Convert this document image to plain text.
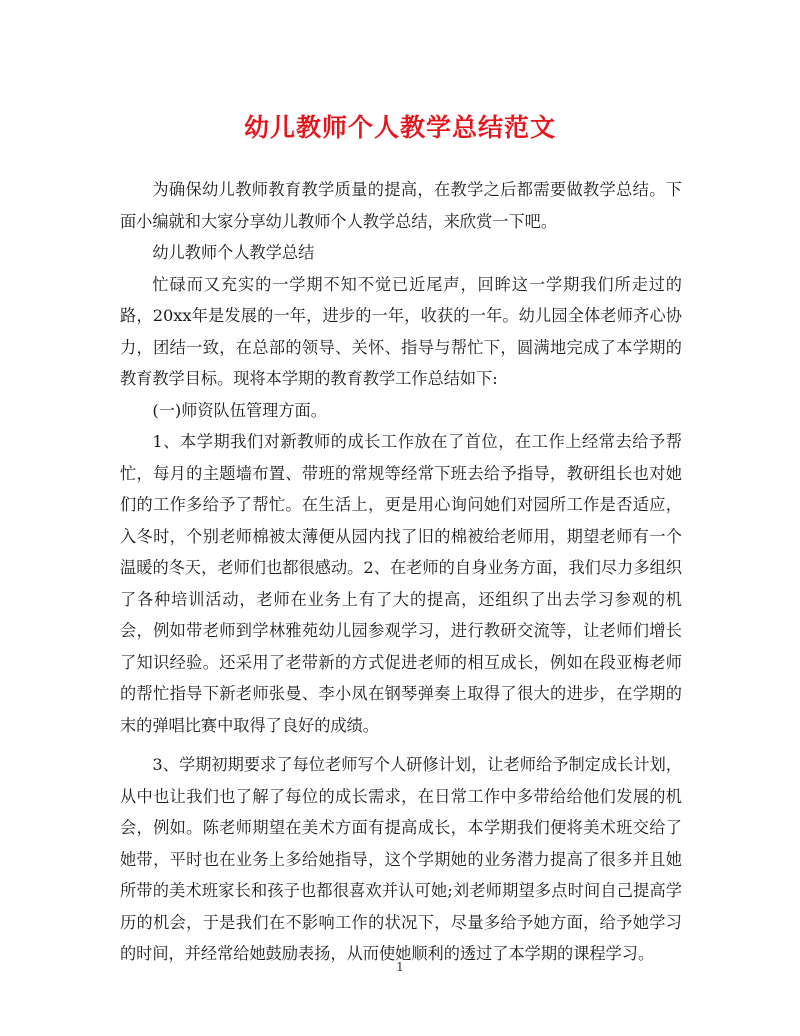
幼儿教师个人教学总结范文

为确保幼儿教师教育教学质量的提高，在教学之后都需要做教学总结。下面小编就和大家分享幼儿教师个人教学总结，来欣赏一下吧。

幼儿教师个人教学总结

忙碌而又充实的一学期不知不觉已近尾声，回眸这一学期我们所走过的路，20xx年是发展的一年，进步的一年，收获的一年。幼儿园全体老师齐心协力，团结一致，在总部的领导、关怀、指导与帮忙下，圆满地完成了本学期的教育教学目标。现将本学期的教育教学工作总结如下:

(一)师资队伍管理方面。

1、本学期我们对新教师的成长工作放在了首位，在工作上经常去给予帮忙，每月的主题墙布置、带班的常规等经常下班去给予指导，教研组长也对她们的工作多给予了帮忙。在生活上，更是用心询问她们对园所工作是否适应，入冬时，个别老师棉被太薄便从园内找了旧的棉被给老师用，期望老师有一个温暖的冬天，老师们也都很感动。2、在老师的自身业务方面，我们尽力多组织了各种培训活动，老师在业务上有了大的提高，还组织了出去学习参观的机会，例如带老师到学林雅苑幼儿园参观学习，进行教研交流等，让老师们增长了知识经验。还采用了老带新的方式促进老师的相互成长，例如在段亚梅老师的帮忙指导下新老师张曼、李小凤在钢琴弹奏上取得了很大的进步，在学期的末的弹唱比赛中取得了良好的成绩。

3、学期初期要求了每位老师写个人研修计划，让老师给予制定成长计划，从中也让我们也了解了每位的成长需求，在日常工作中多带给给他们发展的机会，例如。陈老师期望在美术方面有提高成长，本学期我们便将美术班交给了她带，平时也在业务上多给她指导，这个学期她的业务潜力提高了很多并且她所带的美术班家长和孩子也都很喜欢并认可她;刘老师期望多点时间自己提高学历的机会，于是我们在不影响工作的状况下，尽量多给予她方面，给予她学习的时间，并经常给她鼓励表扬，从而使她顺利的透过了本学期的课程学习。

1
